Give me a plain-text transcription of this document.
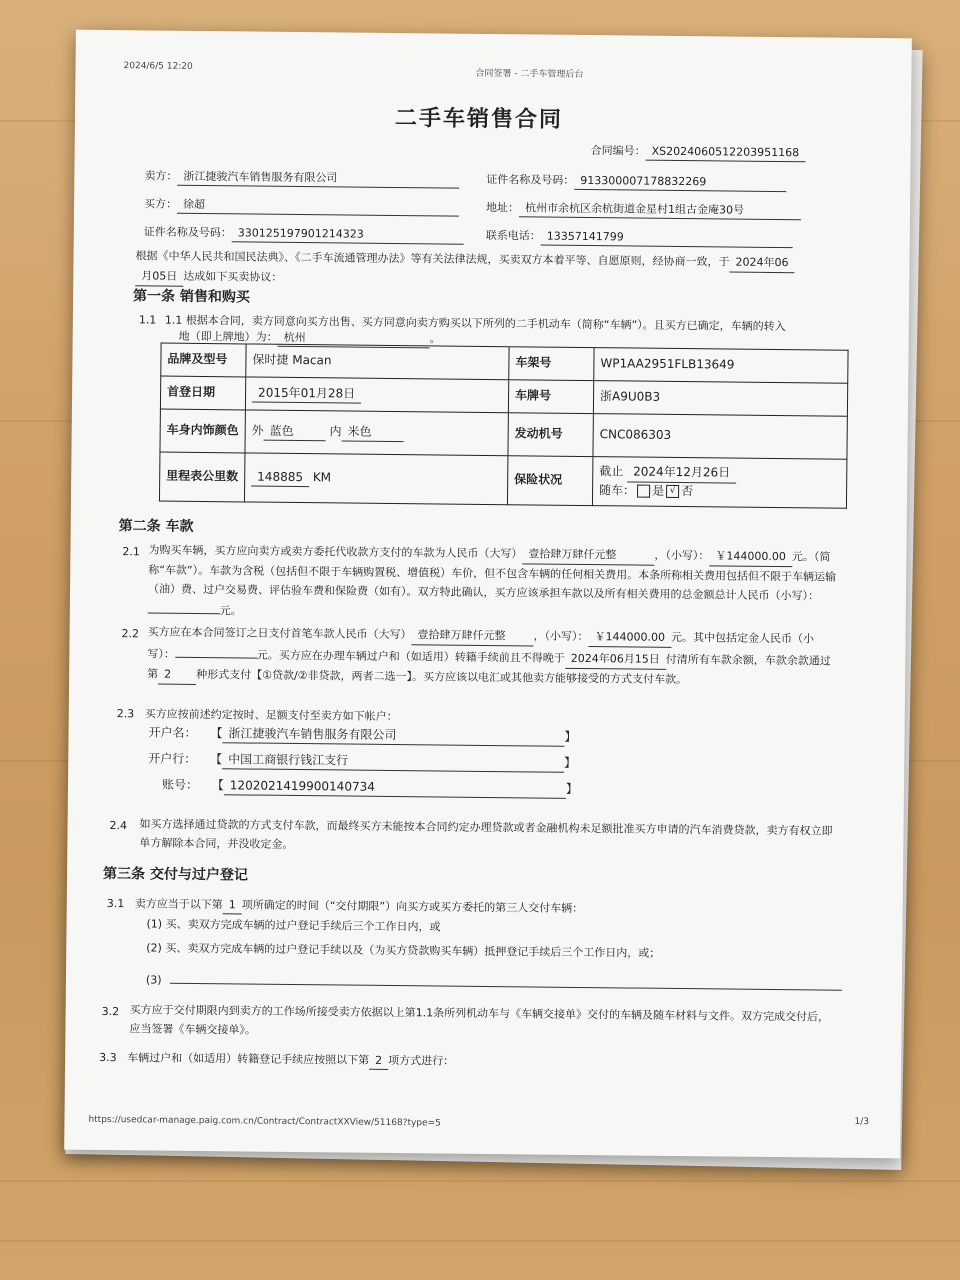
2024/6/5 12:20
合同签署 - 二手车管理后台
二手车销售合同
合同编号： XS2024060512203951168
卖方： 浙江捷骏汽车销售服务有限公司	证件名称及号码： 913300007178832269
买方： 徐超	地址： 杭州市余杭区余杭街道金星村1组古金庵30号
证件名称及号码： 330125197901214323	联系电话： 13357141799

根据《中华人民共和国民法典》、《二手车流通管理办法》等有关法律法规，买卖双方本着平等、自愿原则，经协商一致，于 2024年06月05日 达成如下买卖协议：

第一条 销售和购买
1.1 1.1 根据本合同，卖方同意向买方出售、买方同意向卖方购买以下所列的二手机动车（简称“车辆”）。且买方已确定，车辆的转入
地（即上牌地）为： 杭州	。
品牌及型号	保时捷 Macan	车架号	WP1AA2951FLB13649
首登日期	2015年01月28日	车牌号	浙A9U0B3
车身内饰颜色	外 蓝色 内 米色	发动机号	CNC086303
里程表公里数	148885 KM	保险状况	截止 2024年12月26日
随车： 是 √ 否
第二条 车款
2.1 为购买车辆，买方应向卖方或卖方委托代收款方支付的车款为人民币（大写） 壹拾肆万肆仟元整	，（小写）： ￥144000.00 元。（简称“车款”）。车款为含税（包括但不限于车辆购置税、增值税）车价，但不包含车辆的任何相关费用。本条所称相关费用包括但不限于车辆运输（油）费、过户交易费、评估验车费和保险费（如有）。双方特此确认，买方应该承担车款以及所有相关费用的总金额总计人民币（小写）：元。

2.2 买方应在本合同签订之日支付首笔车款人民币（大写） 壹拾肆万肆仟元整	，（小写）： ￥144000.00 元。其中包括定金人民币（小写）：	元。买方应在办理车辆过户和（如适用）转籍手续前且不得晚于 2024年06月15日 付清所有车款余额，车款余款通过第 2 种形式支付【①贷款/②非贷款，两者二选一】。买方应该以电汇或其他卖方能够接受的方式支付车款。

2.3 买方应按前述约定按时、足额支付至卖方如下帐户：
开户名： 【 浙江捷骏汽车销售服务有限公司	】
开户行： 【 中国工商银行钱江支行	】
账号： 【 1202021419900140734	】
2.4 如买方选择通过贷款的方式支付车款，而最终买方未能按本合同约定办理贷款或者金融机构未足额批准买方申请的汽车消费贷款，卖方有权立即单方解除本合同，并没收定金。

第三条 交付与过户登记
3.1 卖方应当于以下第 1 项所确定的时间（“交付期限”）向买方或买方委托的第三人交付车辆：
(1) 买、卖双方完成车辆的过户登记手续后三个工作日内，或
(2) 买、卖双方完成车辆的过户登记手续以及（为买方贷款购买车辆）抵押登记手续后三个工作日内，或；
(3)
3.2 买方应于交付期限内到卖方的工作场所接受卖方依据以上第1.1条所列机动车与《车辆交接单》交付的车辆及随车材料与文件。双方完成交付后，应当签署《车辆交接单》。

3.3 车辆过户和（如适用）转籍登记手续应按照以下第 2 项方式进行：
https://usedcar-manage.paig.com.cn/Contract/ContractXXView/51168?type=5	1/3
